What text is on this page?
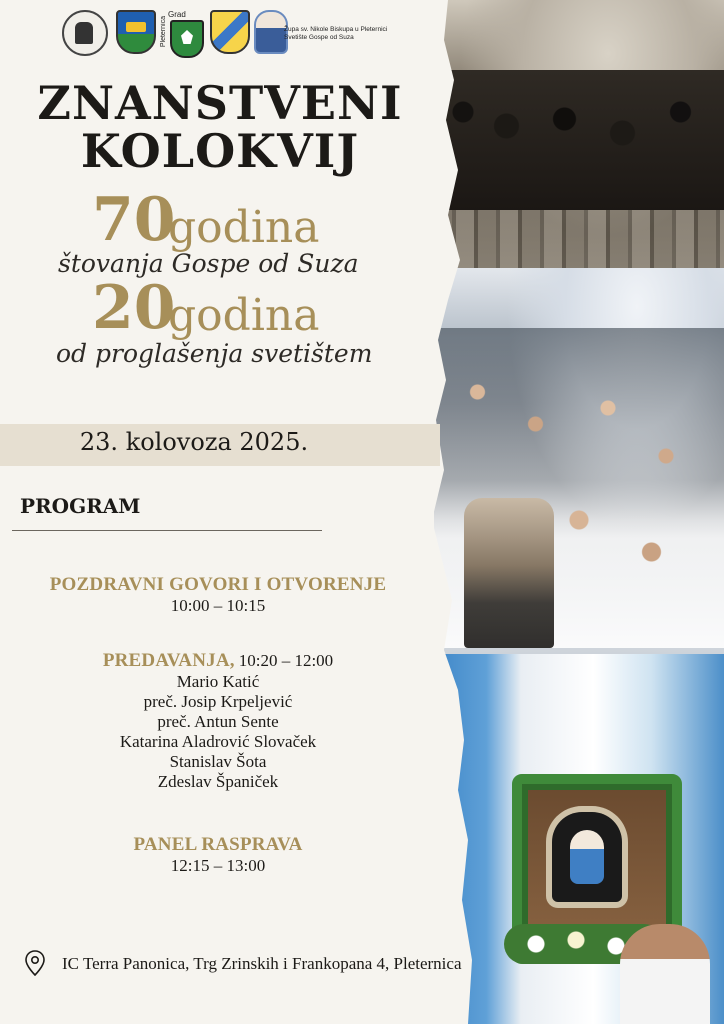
Grad
Pleternica	Župa sv. Nikole Biskupa u Pleternici
Svetište Gospe od Suza
ZNANSTVENI
KOLOKVIJ
70
godina
štovanja Gospe od Suza
20
godina
od proglašenja svetištem
23. kolovoza 2025.
PROGRAM
POZDRAVNI GOVORI I OTVORENJE
10:00 – 10:15
PREDAVANJA, 10:20 – 12:00
Mario Katić
preč. Josip Krpeljević
preč. Antun Sente
Katarina Aladrović Slovaček
Stanislav Šota
Zdeslav Španiček
PANEL RASPRAVA
12:15 – 13:00
IC Terra Panonica, Trg Zrinskih i Frankopana 4, Pleternica
